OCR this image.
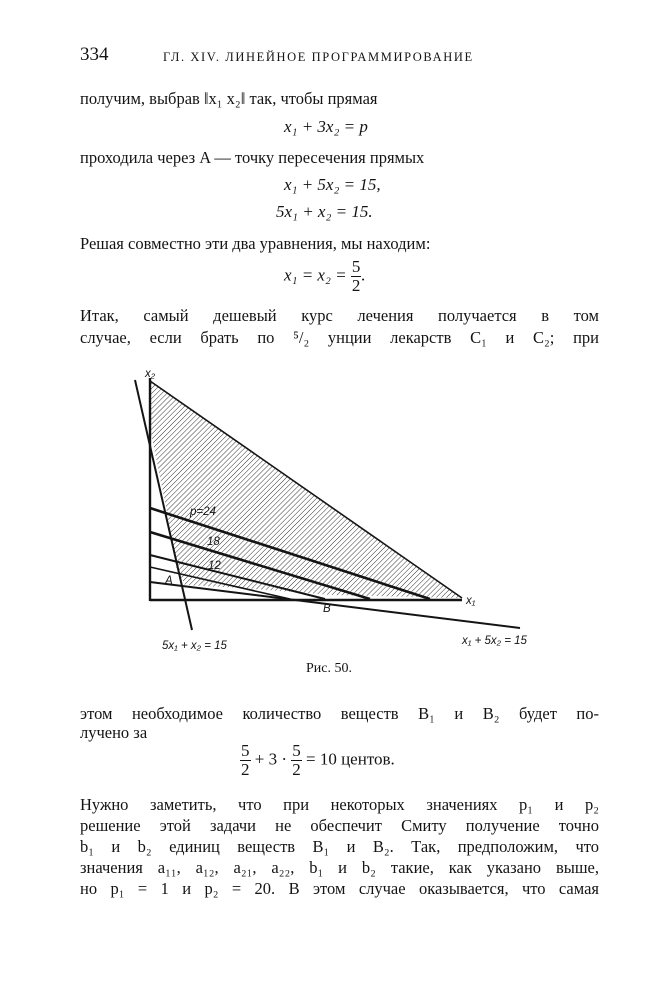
334	ГЛ. XIV. ЛИНЕЙНОЕ ПРОГРАММИРОВАНИЕ
получим, выбрав ‖x₁ x₂‖ так, чтобы прямая
x₁ + 3x₂ = p
проходила через A — точку пересечения прямых
x₁ + 5x₂ = 15,
5x₁ + x₂ = 15.
Решая совместно эти два уравнения, мы находим:
$x_1 = x_2 = \frac{5}{2}$ .
Итак, самый дешевый курс лечения получается в том
случае, если брать по ⁵/₂ унции лекарств C₁ и C₂; при
x₂
x₁
p=24
18
12
A
B
5x₁ + x₂ = 15	x₁ + 5x₂ = 15
Рис. 50.
этом необходимое количество веществ B₁ и B₂ будет по-
лучено за
$\frac{5}{2} + 3 \cdot \frac{5}{2} = 10$ центов.
Нужно заметить, что при некоторых значениях p₁ и p₂
решение этой задачи не обеспечит Смиту получение точно
b₁ и b₂ единиц веществ B₁ и B₂. Так, предположим, что
значения a₁₁, a₁₂, a₂₁, a₂₂, b₁ и b₂ такие, как указано выше,
но p₁ = 1 и p₂ = 20. В этом случае оказывается, что самая
